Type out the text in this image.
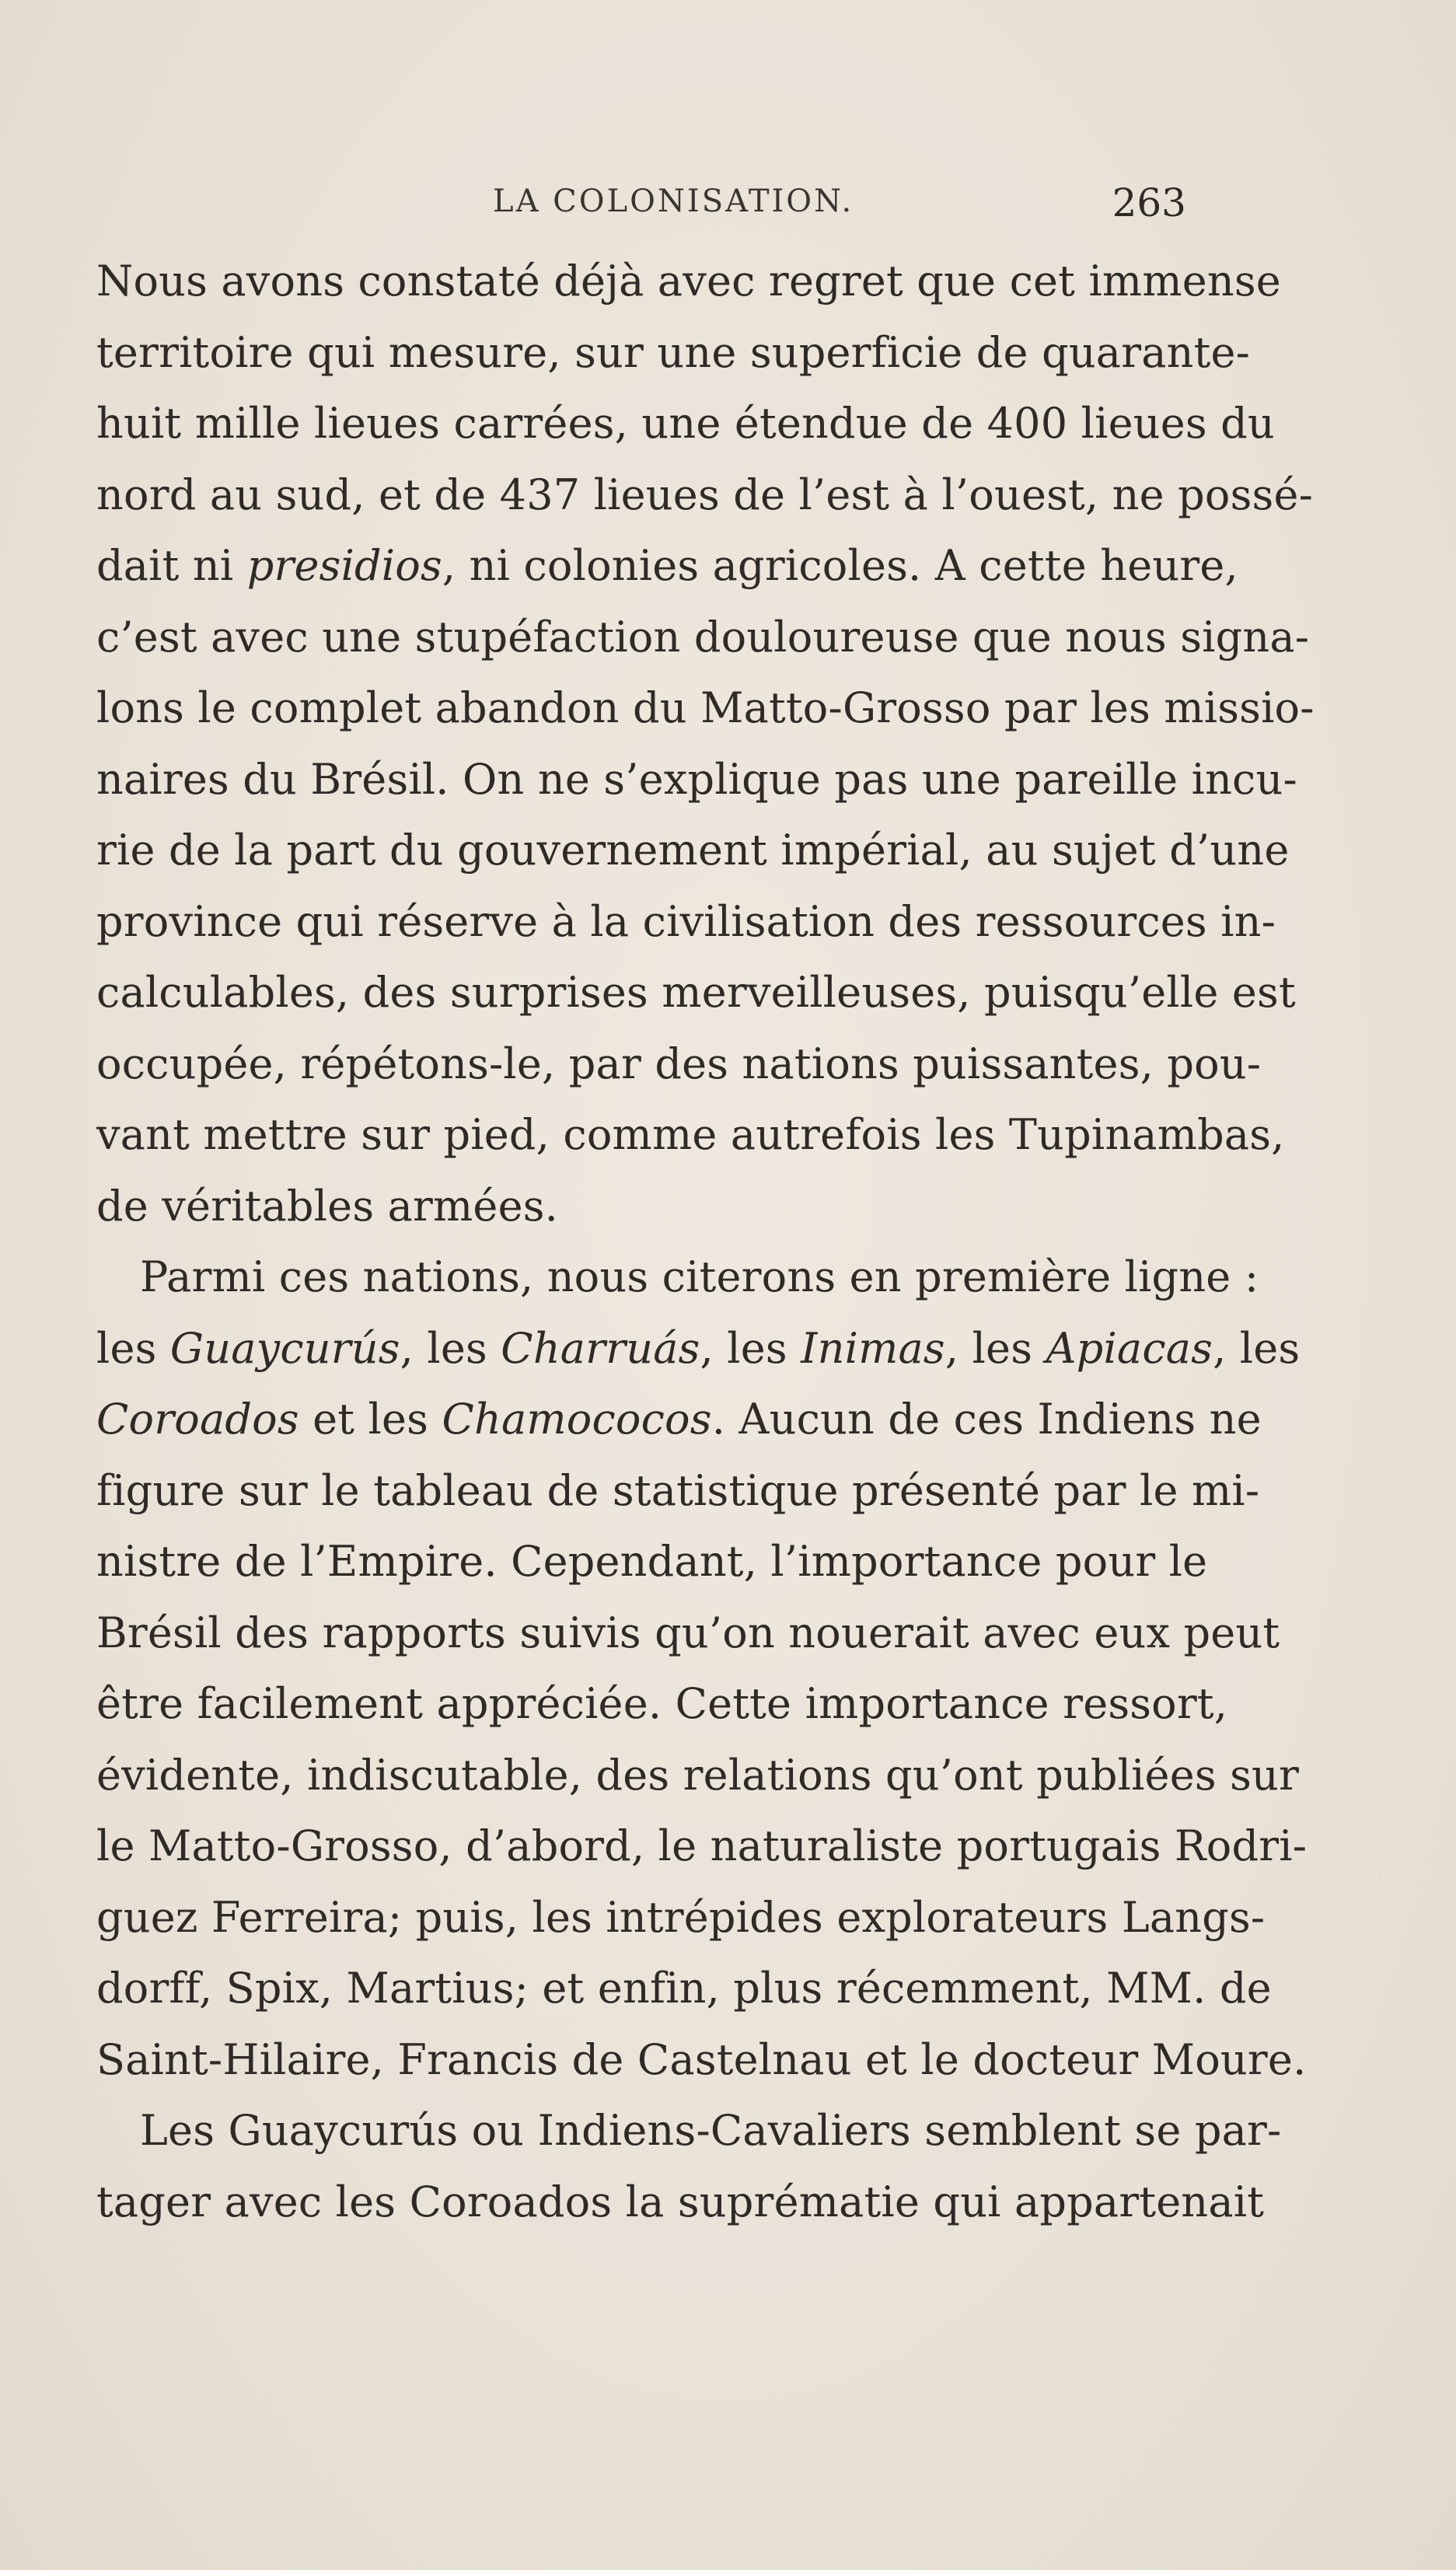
LA COLONISATION.	263
Nous avons constaté déjà avec regret que cet immense
territoire qui mesure, sur une superficie de quarante-
huit mille lieues carrées, une étendue de 400 lieues du
nord au sud, et de 437 lieues de l’est à l’ouest, ne possé-
dait ni presidios, ni colonies agricoles. A cette heure,
c’est avec une stupéfaction douloureuse que nous signa-
lons le complet abandon du Matto-Grosso par les missio-
naires du Brésil. On ne s’explique pas une pareille incu-
rie de la part du gouvernement impérial, au sujet d’une
province qui réserve à la civilisation des ressources in-
calculables, des surprises merveilleuses, puisqu’elle est
occupée, répétons-le, par des nations puissantes, pou-
vant mettre sur pied, comme autrefois les Tupinambas,
de véritables armées.
Parmi ces nations, nous citerons en première ligne :
les Guaycurús, les Charruás, les Inimas, les Apiacas, les
Coroados et les Chamococos. Aucun de ces Indiens ne
figure sur le tableau de statistique présenté par le mi-
nistre de l’Empire. Cependant, l’importance pour le
Brésil des rapports suivis qu’on nouerait avec eux peut
être facilement appréciée. Cette importance ressort,
évidente, indiscutable, des relations qu’ont publiées sur
le Matto-Grosso, d’abord, le naturaliste portugais Rodri-
guez Ferreira; puis, les intrépides explorateurs Langs-
dorff, Spix, Martius; et enfin, plus récemment, MM. de
Saint-Hilaire, Francis de Castelnau et le docteur Moure.
Les Guaycurús ou Indiens-Cavaliers semblent se par-
tager avec les Coroados la suprématie qui appartenait
